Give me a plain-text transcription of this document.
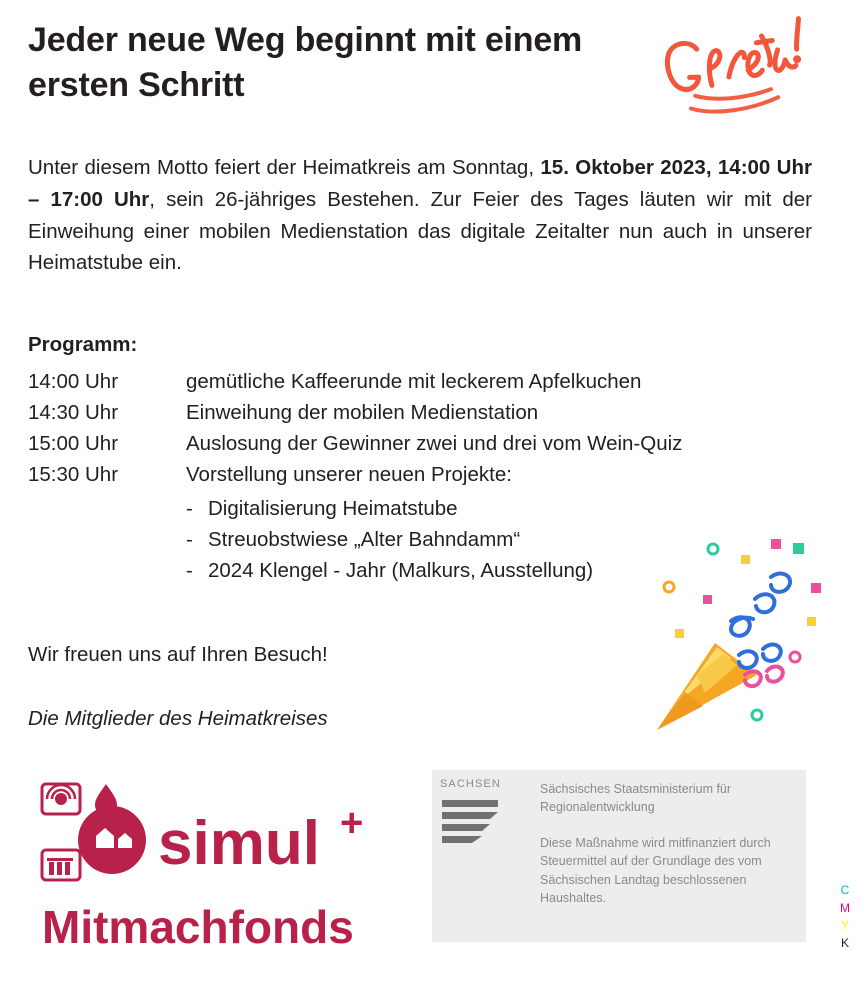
Jeder neue Weg beginnt mit einem ersten Schritt
Unter diesem Motto feiert der Heimatkreis am Sonntag, 15. Oktober 2023, 14:00 Uhr – 17:00 Uhr, sein 26-jähriges Bestehen. Zur Feier des Tages läuten wir mit der Einweihung einer mobilen Medienstation das digitale Zeitalter nun auch in unserer Heimatstube ein.
Programm:
14:00 Uhr	gemütliche Kaffeerunde mit leckerem Apfelkuchen
14:30 Uhr	Einweihung der mobilen Medienstation
15:00 Uhr	Auslosung der Gewinner zwei und drei vom Wein-Quiz
15:30 Uhr	Vorstellung unserer neuen Projekte:
- Digitalisierung Heimatstube
- Streuobstwiese „Alter Bahndamm“
- 2024 Klengel - Jahr (Malkurs, Ausstellung)
Wir freuen uns auf Ihren Besuch!
Die Mitglieder des Heimatkreises
simul +
Mitmachfonds
SACHSEN	Sächsisches Staatsministerium für Regionalentwicklung
Diese Maßnahme wird mitfinanziert durch Steuermittel auf der Grundlage des vom Sächsischen Landtag beschlossenen Haushaltes.
C
M
Y
K
